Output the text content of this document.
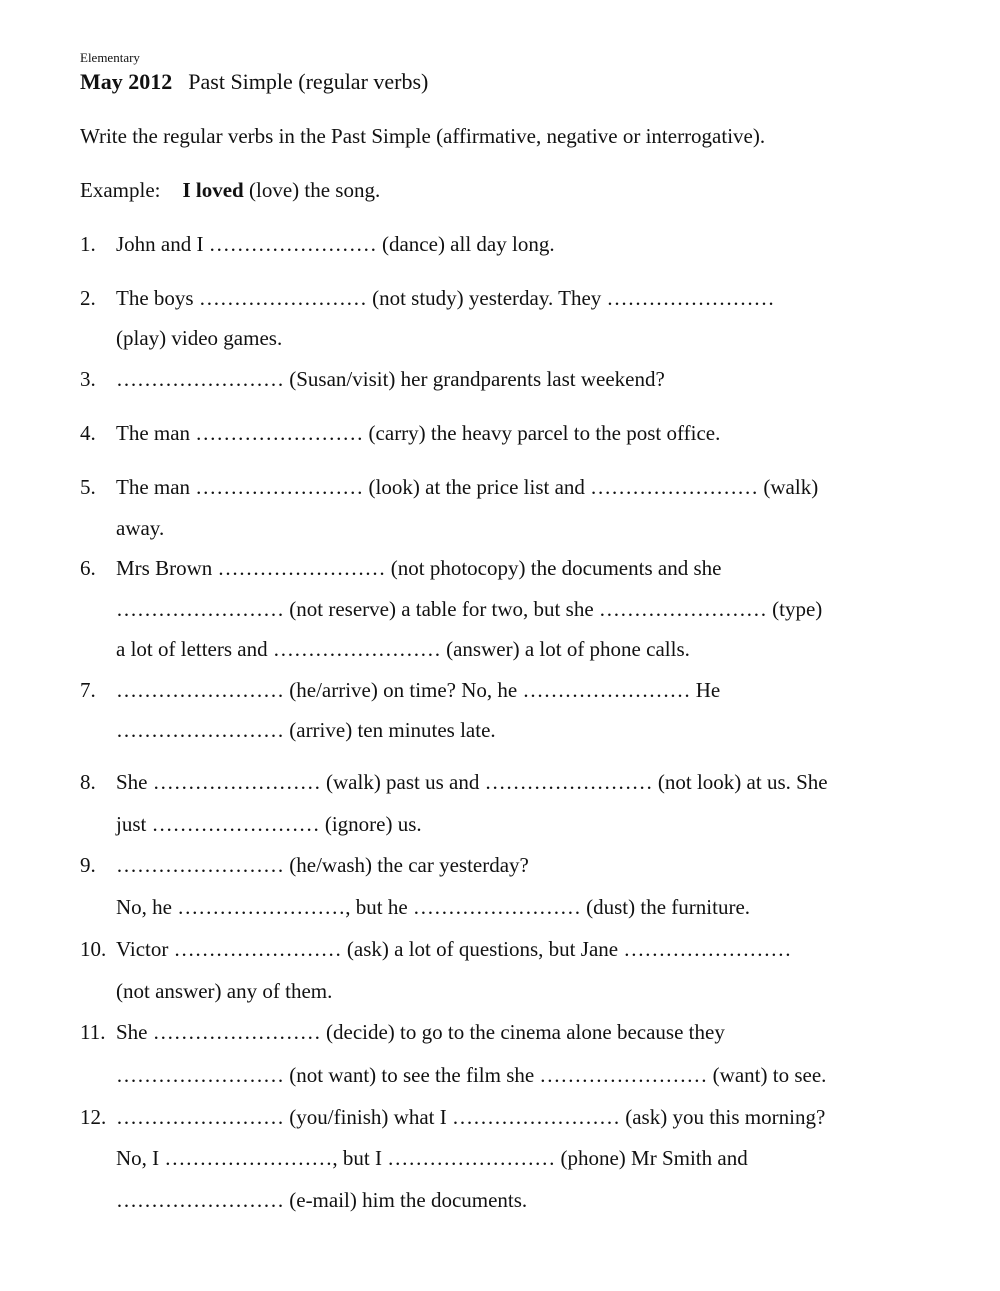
Elementary
May 2012 Past Simple (regular verbs)
Write the regular verbs in the Past Simple (affirmative, negative or interrogative).
Example: I loved (love) the song.
1. John and I …………………… (dance) all day long.
2. The boys …………………… (not study) yesterday. They ……………………
(play) video games.
3. …………………… (Susan/visit) her grandparents last weekend?
4. The man …………………… (carry) the heavy parcel to the post office.
5. The man …………………… (look) at the price list and …………………… (walk)
away.
6. Mrs Brown …………………… (not photocopy) the documents and she
…………………… (not reserve) a table for two, but she …………………… (type)
a lot of letters and …………………… (answer) a lot of phone calls.
7. …………………… (he/arrive) on time? No, he …………………… He
…………………… (arrive) ten minutes late.
8. She …………………… (walk) past us and …………………… (not look) at us. She
just …………………… (ignore) us.
9. …………………… (he/wash) the car yesterday?
No, he ……………………, but he …………………… (dust) the furniture.
10. Victor …………………… (ask) a lot of questions, but Jane ……………………
(not answer) any of them.
11. She …………………… (decide) to go to the cinema alone because they
…………………… (not want) to see the film she …………………… (want) to see.
12. …………………… (you/finish) what I …………………… (ask) you this morning?
No, I ……………………, but I …………………… (phone) Mr Smith and
…………………… (e-mail) him the documents.
